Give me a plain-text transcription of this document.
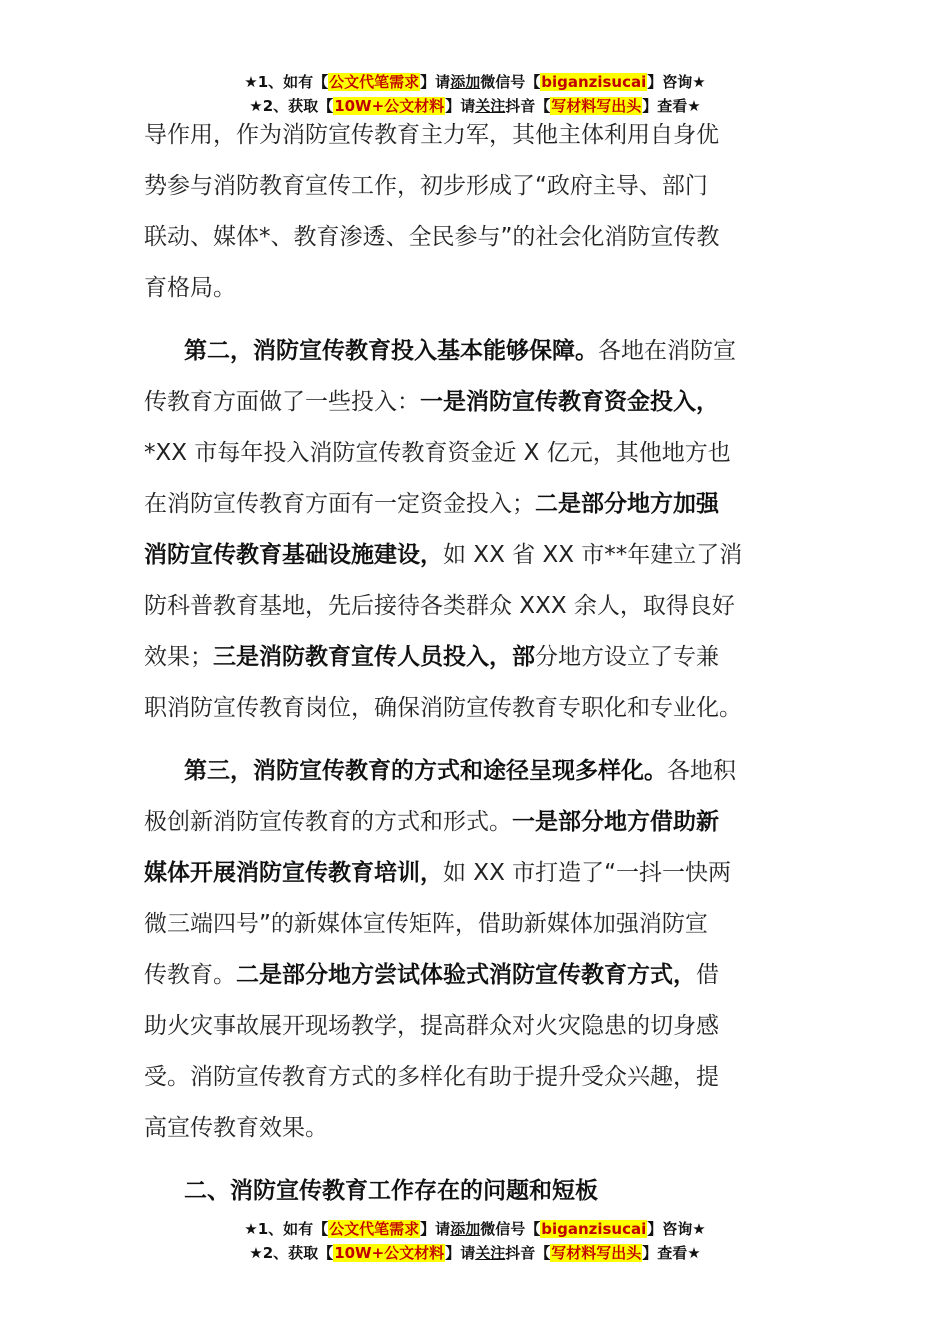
★1、如有【公文代笔需求】请添加微信号【biganzisucai】咨询★
★2、获取【10W+公文材料】请关注抖音【写材料写出头】查看★
导作用，作为消防宣传教育主力军，其他主体利用自身优
势参与消防教育宣传工作，初步形成了“政府主导、部门
联动、媒体*、教育渗透、全民参与”的社会化消防宣传教
育格局。
第二，消防宣传教育投入基本能够保障。各地在消防宣
传教育方面做了一些投入：一是消防宣传教育资金投入，
*XX 市每年投入消防宣传教育资金近 X 亿元，其他地方也
在消防宣传教育方面有一定资金投入；二是部分地方加强
消防宣传教育基础设施建设，如 XX 省 XX 市**年建立了消
防科普教育基地，先后接待各类群众 XXX 余人，取得良好
效果；三是消防教育宣传人员投入，部分地方设立了专兼
职消防宣传教育岗位，确保消防宣传教育专职化和专业化。
第三，消防宣传教育的方式和途径呈现多样化。各地积
极创新消防宣传教育的方式和形式。一是部分地方借助新
媒体开展消防宣传教育培训，如 XX 市打造了“一抖一快两
微三端四号”的新媒体宣传矩阵，借助新媒体加强消防宣
传教育。二是部分地方尝试体验式消防宣传教育方式，借
助火灾事故展开现场教学，提高群众对火灾隐患的切身感
受。消防宣传教育方式的多样化有助于提升受众兴趣，提
高宣传教育效果。
二、消防宣传教育工作存在的问题和短板
★1、如有【公文代笔需求】请添加微信号【biganzisucai】咨询★
★2、获取【10W+公文材料】请关注抖音【写材料写出头】查看★
